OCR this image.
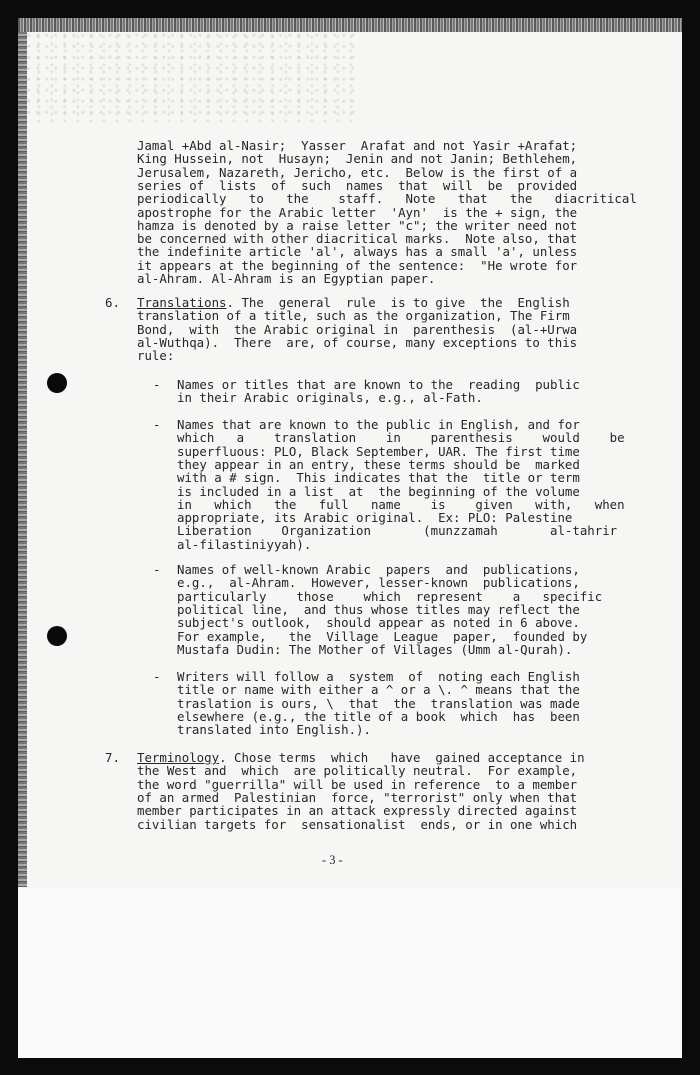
Jamal +Abd al-Nasir;  Yasser  Arafat and not Yasir +Arafat;
King Hussein, not  Husayn;  Jenin and not Janin; Bethlehem,
Jerusalem, Nazareth, Jericho, etc.  Below is the first of a
series of  lists  of  such  names  that  will  be  provided
periodically   to   the    staff.   Note   that   the   diacritical
apostrophe for the Arabic letter  'Ayn'  is the + sign, the
hamza is denoted by a raise letter "c"; the writer need not
be concerned with other diacritical marks.  Note also, that
the indefinite article 'al', always has a small 'a', unless
it appears at the beginning of the sentence:  "He wrote for
al-Ahram. Al-Ahram is an Egyptian paper.
6. Translations. The  general  rule  is to give  the  English
translation of a title, such as the organization, The Firm
Bond,  with  the Arabic original in  parenthesis  (al-+Urwa
al-Wuthqa).  There  are, of course, many exceptions to this
rule:
- Names or titles that are known to the  reading  public
in their Arabic originals, e.g., al-Fath.
- Names that are known to the public in English, and for
which   a    translation    in    parenthesis    would    be
superfluous: PLO, Black September, UAR. The first time
they appear in an entry, these terms should be  marked
with a # sign.  This indicates that the  title or term
is included in a list  at  the beginning of the volume
in   which   the   full   name    is    given   with,   when
appropriate, its Arabic original.  Ex: PLO: Palestine
Liberation    Organization       (munzzamah       al-tahrir
al-filastiniyyah).
- Names of well-known Arabic  papers  and  publications,
e.g.,  al-Ahram.  However, lesser-known  publications,
particularly    those    which  represent    a   specific
political line,  and thus whose titles may reflect the
subject's outlook,  should appear as noted in 6 above.
For example,   the  Village  League  paper,  founded by
Mustafa Dudin: The Mother of Villages (Umm al-Qurah).
- Writers will follow a  system  of  noting each English
title or name with either a ^ or a \. ^ means that the
traslation is ours, \  that  the  translation was made
elsewhere (e.g., the title of a book  which  has  been
translated into English.).
7. Terminology. Chose terms  which   have  gained acceptance in
the West and  which  are politically neutral.  For example,
the word "guerrilla" will be used in reference  to a member
of an armed  Palestinian  force, "terrorist" only when that
member participates in an attack expressly directed against
civilian targets for  sensationalist  ends, or in one which
- 3 -
